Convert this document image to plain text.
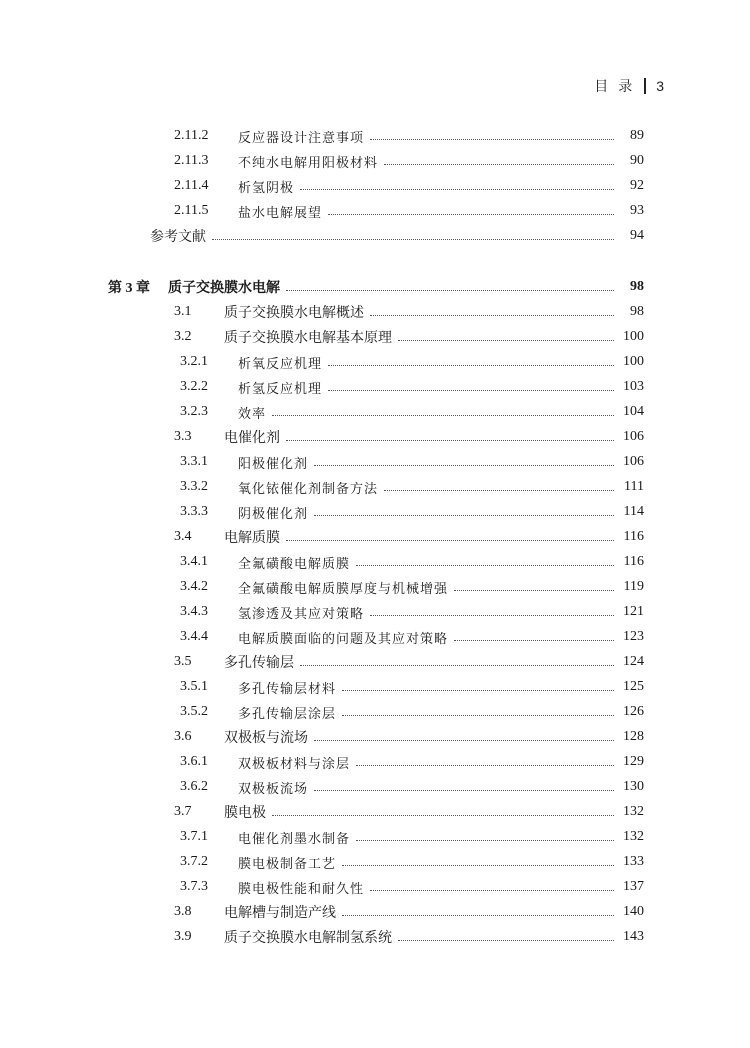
目录 3
2.11.2	反应器设计注意事项	89
2.11.3	不纯水电解用阳极材料	90
2.11.4	析氢阴极	92
2.11.5	盐水电解展望	93
参考文献	94
第 3 章	质子交换膜水电解	98
3.1	质子交换膜水电解概述	98
3.2	质子交换膜水电解基本原理	100
3.2.1	析氧反应机理	100
3.2.2	析氢反应机理	103
3.2.3	效率	104
3.3	电催化剂	106
3.3.1	阳极催化剂	106
3.3.2	氧化铱催化剂制备方法	111
3.3.3	阴极催化剂	114
3.4	电解质膜	116
3.4.1	全氟磺酸电解质膜	116
3.4.2	全氟磺酸电解质膜厚度与机械增强	119
3.4.3	氢渗透及其应对策略	121
3.4.4	电解质膜面临的问题及其应对策略	123
3.5	多孔传输层	124
3.5.1	多孔传输层材料	125
3.5.2	多孔传输层涂层	126
3.6	双极板与流场	128
3.6.1	双极板材料与涂层	129
3.6.2	双极板流场	130
3.7	膜电极	132
3.7.1	电催化剂墨水制备	132
3.7.2	膜电极制备工艺	133
3.7.3	膜电极性能和耐久性	137
3.8	电解槽与制造产线	140
3.9	质子交换膜水电解制氢系统	143
